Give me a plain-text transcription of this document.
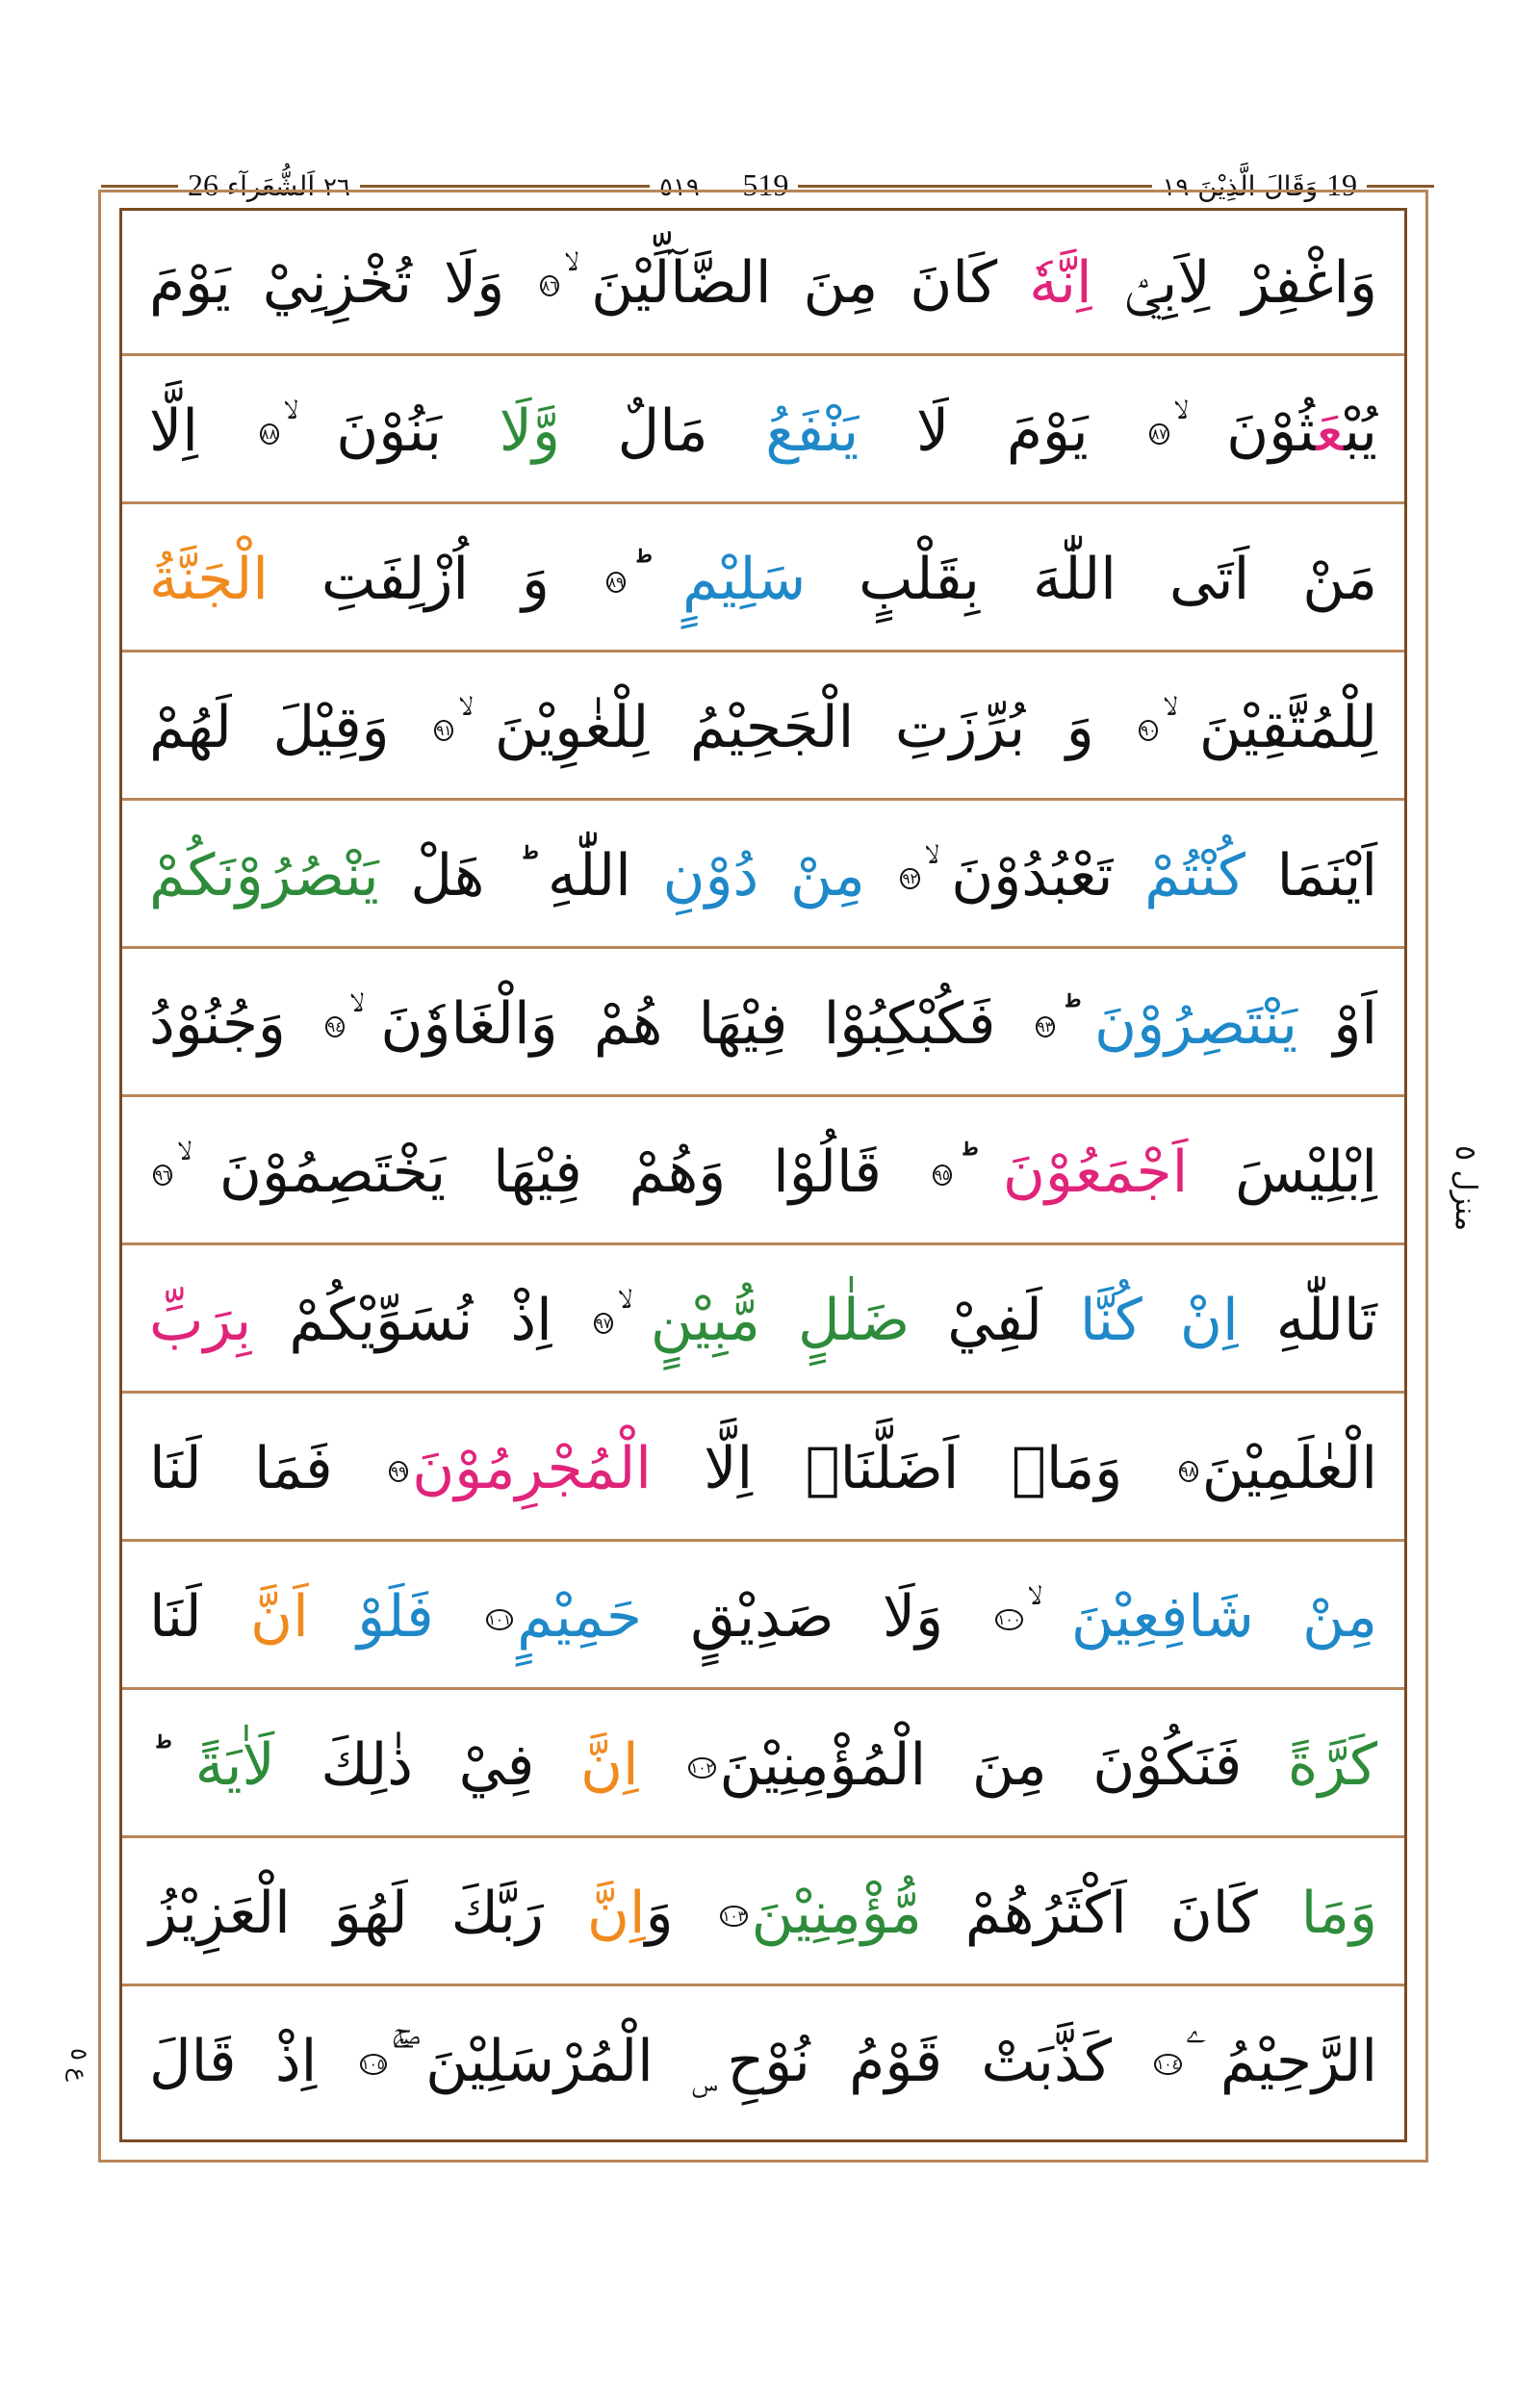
٢٦ اَلشُّعَرآء 26	٥١٩ 519	19 وَقَالَ الَّذِيْنَ ١٩
وَاغْفِرْ لِاَبِيْۤ اِنَّهٗ كَانَ مِنَ الضَّآلِّيْنَ ۙ٨٦ وَلَا تُخْزِنِيْ يَوْمَ
يُبْعَثُوْنَ ۙ٨٧ يَوْمَ لَا يَنْفَعُ مَالٌ وَّلَا بَنُوْنَ ۙ٨٨ اِلَّا
مَنْ اَتَى اللّٰهَ بِقَلْبٍ سَلِيْمٍ ؕ٨٩ وَ اُزْلِفَتِ الْجَنَّةُ
لِلْمُتَّقِيْنَ ۙ٩٠ وَ بُرِّزَتِ الْجَحِيْمُ لِلْغٰوِيْنَ ۙ٩١ وَقِيْلَ لَهُمْ
اَيْنَمَا كُنْتُمْ تَعْبُدُوْنَ ۙ٩٢ مِنْ دُوْنِ اللّٰهِ ؕ هَلْ يَنْصُرُوْنَكُمْ
اَوْ يَنْتَصِرُوْنَ ؕ٩٣ فَكُبْكِبُوْا فِيْهَا هُمْ وَالْغَاوٗنَ ۙ٩٤ وَجُنُوْدُ
اِبْلِيْسَ اَجْمَعُوْنَ ؕ٩٥ قَالُوْا وَهُمْ فِيْهَا يَخْتَصِمُوْنَ ۙ٩٦
تَاللّٰهِ اِنْ كُنَّا لَفِيْ ضَلٰلٍ مُّبِيْنٍ ۙ٩٧ اِذْ نُسَوِّيْكُمْ بِرَبِّ
الْعٰلَمِيْنَ٩٨ وَمَاۤ اَضَلَّنَاۤ اِلَّا الْمُجْرِمُوْنَ٩٩ فَمَا لَنَا
مِنْ شَافِعِيْنَ ۙ١٠٠ وَلَا صَدِيْقٍ حَمِيْمٍ١٠١ فَلَوْ اَنَّ لَنَا
كَرَّةً فَنَكُوْنَ مِنَ الْمُؤْمِنِيْنَ١٠٢ اِنَّ فِيْ ذٰلِكَ لَاٰيَةً ؕ
وَمَا كَانَ اَكْثَرُهُمْ مُّؤْمِنِيْنَ١٠٣ وَاِنَّ رَبَّكَ لَهُوَ الْعَزِيْزُ
الرَّحِيْمُ ۧ١٠٤ كَذَّبَتْ قَوْمُ نُوْحِ ۣ الْمُرْسَلِيْنَ ۚۖ١٠٥ اِذْ قَالَ
منزل ٥
ع ٥
